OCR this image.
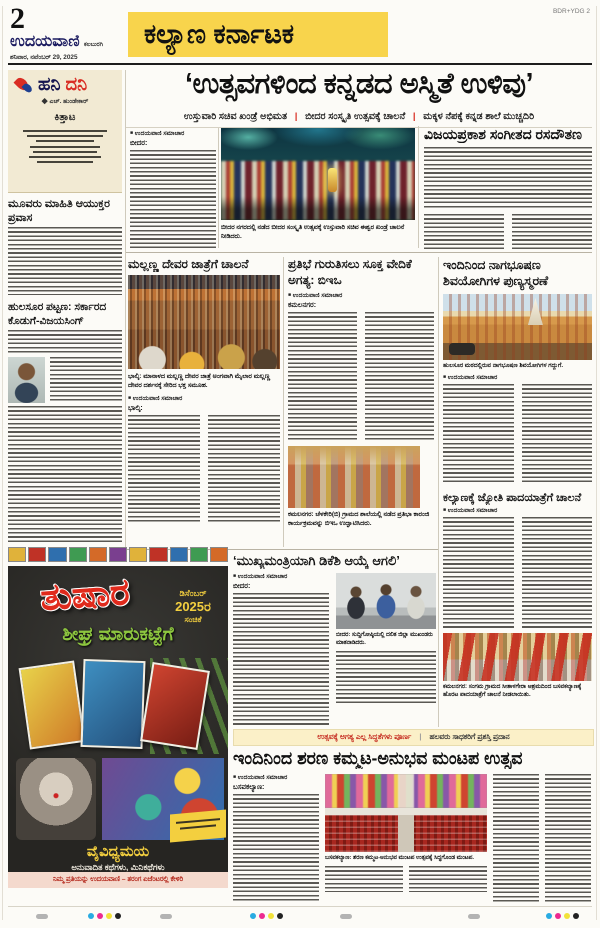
2
ಉದಯವಾಣಿ ಕಲಬುರಗಿ
ಶನಿವಾರ, ನವೆಂಬರ್ 29, 2025
ಕಲ್ಯಾಣ ಕರ್ನಾಟಕ
BDR+YDG 2
‘ಉತ್ಸವಗಳಿಂದ ಕನ್ನಡದ ಅಸ್ಮಿತೆ ಉಳಿವು’
ಉಸ್ತುವಾರಿ ಸಚಿವ ಖಂಡ್ರೆ ಅಭಿಮತ | ಬೀದರ ಸಂಸ್ಕೃತಿ ಉತ್ಸವಕ್ಕೆ ಚಾಲನೆ | ಮಕ್ಕಳ ನೆಪಕ್ಕೆ ಕನ್ನಡ ಶಾಲೆ ಮುಚ್ಚದಿರಿ
ಹನಿ ದನಿ
◆ ಎಚ್. ಹುಂಡೇಕಾರ್
ಕಿತ್ತಾಟ
ಮೂವರು ಮಾಹಿತಿ ಆಯುಕ್ತರ ಪ್ರವಾಸ
ಹುಲಸೂರ ಪಟ್ಟಣ: ಸರ್ಕಾರದ ಕೊಡುಗೆ-ವಿಜಯಸಿಂಗ್
■ ಉದಯವಾಣಿ ಸಮಾಚಾರ
ಬೀದರ:
ಬೀದರ ನಗರದಲ್ಲಿ ನಡೆದ ಬೀದರ ಸಂಸ್ಕೃತಿ ಉತ್ಸವಕ್ಕೆ ಉಸ್ತುವಾರಿ ಸಚಿವ ಈಶ್ವರ ಖಂಡ್ರೆ ಚಾಲನೆ ನೀಡಿದರು.
ವಿಜಯಪ್ರಕಾಶ ಸಂಗೀತದ ರಸದೌತಣ
ಮಲ್ಲಣ್ಣ ದೇವರ ಜಾತ್ರೆಗೆ ಚಾಲನೆ
ಭಾಲ್ಕಿ: ಮಾನಾಳದ ಮಲ್ಲಣ್ಣ ದೇವರ ಜಾತ್ರೆ ಅಂಗವಾಗಿ ಮೈಲಾರ ಮಲ್ಲಣ್ಣ ದೇವರ ದರ್ಶನಕ್ಕೆ ಸೇರಿದ ಭಕ್ತ ಸಮೂಹ.
■ ಉದಯವಾಣಿ ಸಮಾಚಾರ
ಭಾಲ್ಕಿ:
ಪ್ರತಿಭೆ ಗುರುತಿಸಲು ಸೂಕ್ತ ವೇದಿಕೆ ಅಗತ್ಯ: ಬಿಇಒ
■ ಉದಯವಾಣಿ ಸಮಾಚಾರ
ಕಮಲನಗರ:
ಕಮಲನಗರ: ಚೆಳಕೇರಿ(ಬಿ) ಗ್ರಾಮದ ಶಾಲೆಯಲ್ಲಿ ನಡೆದ ಪ್ರತಿಭಾ ಕಾರಂಜಿ ಕಾರ್ಯಕ್ರಮವನ್ನು ಬಿಇಒ ಉದ್ಘಾಟಿಸಿದರು.
ಇಂದಿನಿಂದ ನಾಗಭೂಷಣ ಶಿವಯೋಗಿಗಳ ಪುಣ್ಯಸ್ಮರಣೆ
ಹುಲಸೂರ ಮಠದಲ್ಲಿರುವ ನಾಗಭೂಷಣ ಶಿವಯೋಗಿಗಳ ಗದ್ದುಗೆ.
■ ಉದಯವಾಣಿ ಸಮಾಚಾರ
ಕಲ್ಯಾಣಕ್ಕೆ ಜ್ಯೋತಿ ಪಾದಯಾತ್ರೆಗೆ ಚಾಲನೆ
■ ಉದಯವಾಣಿ ಸಮಾಚಾರ
ಕಮಲನಗರ: ಸಂಗಮ ಗ್ರಾಮದ ಸೀತಾಳಗೇರಾ ಆಶ್ರಮದಿಂದ ಬಸವಕಲ್ಯಾಣಕ್ಕೆ ಹೊರಟ ಪಾದಯಾತ್ರೆಗೆ ಚಾಲನೆ ನೀಡಲಾಯಿತು.
‘ಮುಖ್ಯಮಂತ್ರಿಯಾಗಿ ಡಿಕೆಶಿ ಆಯ್ಕೆ ಆಗಲಿ’
■ ಉದಯವಾಣಿ ಸಮಾಚಾರ
ಬೀದರ:
ಬೀದರ: ಸುದ್ದಿಗೋಷ್ಠಿಯಲ್ಲಿ ದಲಿತ ಜಿಲ್ಲಾ ಮುಖಂಡರು ಮಾತನಾಡಿದರು.
ಉತ್ಸವಕ್ಕೆ ಅಗತ್ಯ ಎಲ್ಲ ಸಿದ್ಧತೆಗಳು ಪೂರ್ಣ | ಹಲವರು ಸಾಧಕರಿಗೆ ಪ್ರಶಸ್ತಿ ಪ್ರದಾನ
ಇಂದಿನಿಂದ ಶರಣ ಕಮ್ಮಟ-ಅನುಭವ ಮಂಟಪ ಉತ್ಸವ
■ ಉದಯವಾಣಿ ಸಮಾಚಾರ
ಬಸವಕಲ್ಯಾಣ:
ಬಸವಕಲ್ಯಾಣ: ಶರಣ ಕಮ್ಮಟ-ಅನುಭವ ಮಂಟಪ ಉತ್ಸವಕ್ಕೆ ಸಿದ್ಧಗೊಂಡ ಮಂಟಪ.
ತುಷಾರ	ಡಿಸೆಂಬರ್
2025ರ
ಸಂಚಿಕೆ
ಶೀಘ್ರ ಮಾರುಕಟ್ಟೆಗೆ
ವೈವಿಧ್ಯಮಯ
ಅನುವಾದಿತ ಕಥೆಗಳು, ಮಿನಿಕಥೆಗಳು
ನಿಮ್ಮ ಪ್ರತಿಯನ್ನು ಉದಯವಾಣಿ – ತರಂಗ ಏಜೆಂಟರಲ್ಲಿ ಕೇಳಿರಿ
